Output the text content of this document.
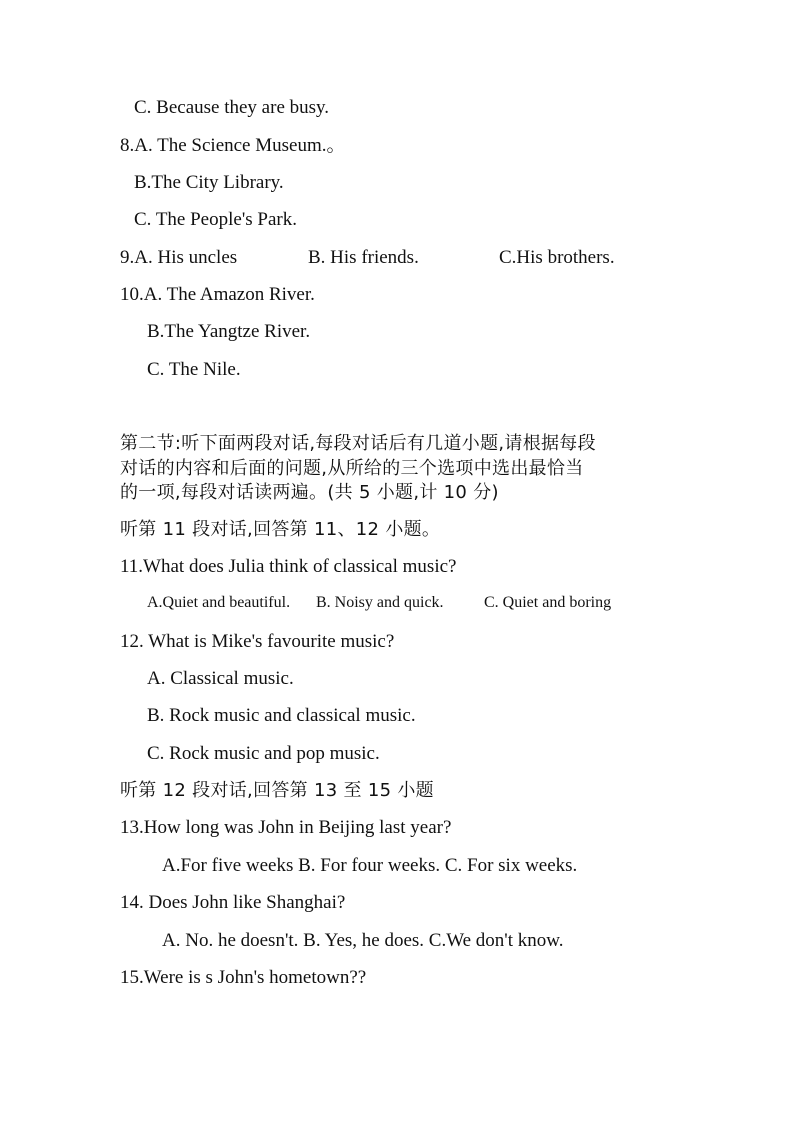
C. Because they are busy.
8.A. The Science Museum.。
B.The City Library.
C. The People's Park.
9.A. His uncles	B. His friends.	C.His brothers.
10.A. The Amazon River.
B.The Yangtze River.
C. The Nile.
第二节:听下面两段对话,每段对话后有几道小题,请根据每段
对话的内容和后面的问题,从所给的三个选项中选出最恰当
的一项,每段对话读两遍。(共 5 小题,计 10 分)
听第 11 段对话,回答第 11、12 小题。
11.What does Julia think of classical music?
A.Quiet and beautiful. B. Noisy and quick.	C. Quiet and boring
12. What is Mike's favourite music?
A. Classical music.
B. Rock music and classical music.
C. Rock music and pop music.
听第 12 段对话,回答第 13 至 15 小题
13.How long was John in Beijing last year?
A.For five weeks B. For four weeks. C. For six weeks.
14. Does John like Shanghai?
A. No. he doesn't. B. Yes, he does. C.We don't know.
15.Were is s John's hometown??
